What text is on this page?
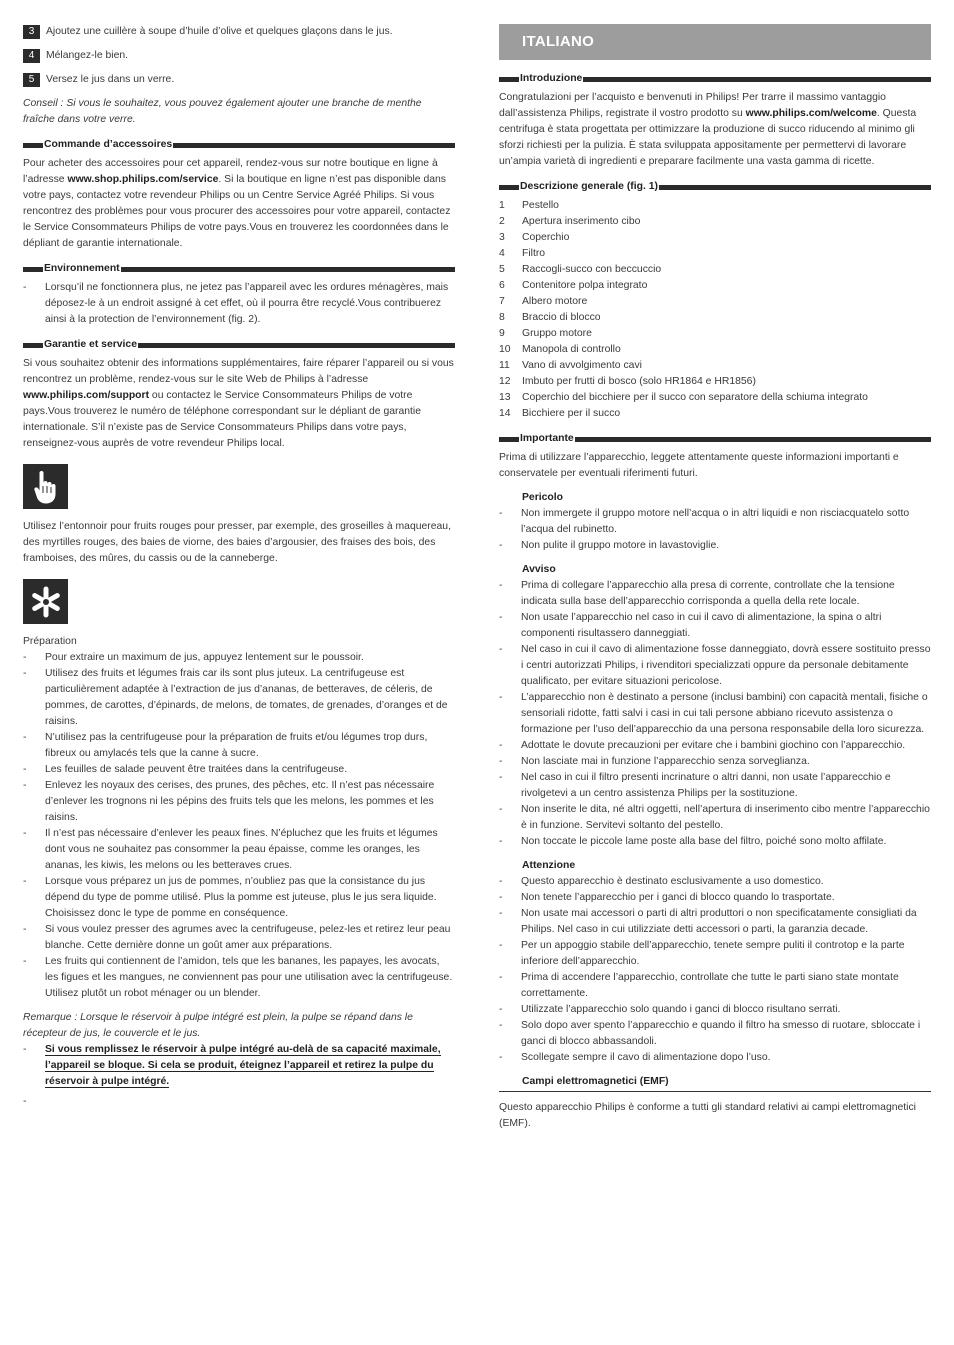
3	Ajoutez une cuillère à soupe d’huile d’olive et quelques glaçons dans le jus.
4	Mélangez-le bien.
5	Versez le jus dans un verre.

Conseil : Si vous le souhaitez, vous pouvez également ajouter une branche de menthe fraîche dans votre verre.

Commande d’accessoires

Pour acheter des accessoires pour cet appareil, rendez-vous sur notre boutique en ligne à l’adresse www.shop.philips.com/service. Si la boutique en ligne n’est pas disponible dans votre pays, contactez votre revendeur Philips ou un Centre Service Agréé Philips. Si vous rencontrez des problèmes pour vous procurer des accessoires pour votre appareil, contactez le Service Consommateurs Philips de votre pays.Vous en trouverez les coordonnées dans le dépliant de garantie internationale.

Environnement
- Lorsqu’il ne fonctionnera plus, ne jetez pas l’appareil avec les ordures ménagères, mais déposez-le à un endroit assigné à cet effet, où il pourra être recyclé.Vous contribuerez ainsi à la protection de l’environnement (fig. 2).
Garantie et service

Si vous souhaitez obtenir des informations supplémentaires, faire réparer l’appareil ou si vous rencontrez un problème, rendez-vous sur le site Web de Philips à l’adresse www.philips.com/support ou contactez le Service Consommateurs Philips de votre pays.Vous trouverez le numéro de téléphone correspondant sur le dépliant de garantie internationale. S’il n’existe pas de Service Consommateurs Philips dans votre pays, renseignez-vous auprès de votre revendeur Philips local.

Utilisez l’entonnoir pour fruits rouges pour presser, par exemple, des groseilles à maquereau, des myrtilles rouges, des baies de viorne, des baies d’argousier, des fraises des bois, des framboises, des mûres, du cassis ou de la canneberge.

Préparation

- Pour extraire un maximum de jus, appuyez lentement sur le poussoir.
- Utilisez des fruits et légumes frais car ils sont plus juteux. La centrifugeuse est particulièrement adaptée à l’extraction de jus d’ananas, de betteraves, de céleris, de pommes, de carottes, d’épinards, de melons, de tomates, de grenades, d’oranges et de raisins.
- N’utilisez pas la centrifugeuse pour la préparation de fruits et/ou légumes trop durs, fibreux ou amylacés tels que la canne à sucre.
- Les feuilles de salade peuvent être traitées dans la centrifugeuse.
- Enlevez les noyaux des cerises, des prunes, des pêches, etc. Il n’est pas nécessaire d’enlever les trognons ni les pépins des fruits tels que les melons, les pommes et les raisins.
- Il n’est pas nécessaire d’enlever les peaux fines. N’épluchez que les fruits et légumes dont vous ne souhaitez pas consommer la peau épaisse, comme les oranges, les ananas, les kiwis, les melons ou les betteraves crues.
- Lorsque vous préparez un jus de pommes, n’oubliez pas que la consistance du jus dépend du type de pomme utilisé. Plus la pomme est juteuse, plus le jus sera liquide. Choisissez donc le type de pomme en conséquence.
- Si vous voulez presser des agrumes avec la centrifugeuse, pelez-les et retirez leur peau blanche. Cette dernière donne un goût amer aux préparations.
- Les fruits qui contiennent de l’amidon, tels que les bananes, les papayes, les avocats, les figues et les mangues, ne conviennent pas pour une utilisation avec la centrifugeuse. Utilisez plutôt un robot ménager ou un blender.

Remarque : Lorsque le réservoir à pulpe intégré est plein, la pulpe se répand dans le récepteur de jus, le couvercle et le jus.

- Si vous remplissez le réservoir à pulpe intégré au-delà de sa capacité maximale, l’appareil se bloque. Si cela se produit, éteignez l’appareil et retirez la pulpe du réservoir à pulpe intégré.
ITALIANO
Introduzione

Congratulazioni per l’acquisto e benvenuti in Philips! Per trarre il massimo vantaggio dall’assistenza Philips, registrate il vostro prodotto su www.philips.com/welcome. Questa centrifuga è stata progettata per ottimizzare la produzione di succo riducendo al minimo gli sforzi richiesti per la pulizia. È stata sviluppata appositamente per permettervi di lavorare un’ampia varietà di ingredienti e preparare facilmente una vasta gamma di ricette.

Descrizione generale (fig. 1)
1	Pestello
2	Apertura inserimento cibo
3	Coperchio
4	Filtro
5	Raccogli-succo con beccuccio
6	Contenitore polpa integrato
7	Albero motore
8	Braccio di blocco
9	Gruppo motore
10	Manopola di controllo
11	Vano di avvolgimento cavi
12	Imbuto per frutti di bosco (solo HR1864 e HR1856)
13	Coperchio del bicchiere per il succo con separatore della schiuma integrato
14	Bicchiere per il succo
Importante

Prima di utilizzare l’apparecchio, leggete attentamente queste informazioni importanti e conservatele per eventuali riferimenti futuri.

Pericolo

- Non immergete il gruppo motore nell’acqua o in altri liquidi e non risciacquatelo sotto l’acqua del rubinetto.
- Non pulite il gruppo motore in lavastoviglie.

Avviso

- Prima di collegare l’apparecchio alla presa di corrente, controllate che la tensione indicata sulla base dell’apparecchio corrisponda a quella della rete locale.
- Non usate l’apparecchio nel caso in cui il cavo di alimentazione, la spina o altri componenti risultassero danneggiati.
- Nel caso in cui il cavo di alimentazione fosse danneggiato, dovrà essere sostituito presso i centri autorizzati Philips, i rivenditori specializzati oppure da personale debitamente qualificato, per evitare situazioni pericolose.
- L’apparecchio non è destinato a persone (inclusi bambini) con capacità mentali, fisiche o sensoriali ridotte, fatti salvi i casi in cui tali persone abbiano ricevuto assistenza o formazione per l’uso dell’apparecchio da una persona responsabile della loro sicurezza.
- Adottate le dovute precauzioni per evitare che i bambini giochino con l’apparecchio.
- Non lasciate mai in funzione l’apparecchio senza sorveglianza.
- Nel caso in cui il filtro presenti incrinature o altri danni, non usate l’apparecchio e rivolgetevi a un centro assistenza Philips per la sostituzione.
- Non inserite le dita, né altri oggetti, nell’apertura di inserimento cibo mentre l’apparecchio è in funzione. Servitevi soltanto del pestello.
- Non toccate le piccole lame poste alla base del filtro, poiché sono molto affilate.

Attenzione

- Questo apparecchio è destinato esclusivamente a uso domestico.
- Non tenete l’apparecchio per i ganci di blocco quando lo trasportate.
- Non usate mai accessori o parti di altri produttori o non specificatamente consigliati da Philips. Nel caso in cui utilizziate detti accessori o parti, la garanzia decade.
- Per un appoggio stabile dell’apparecchio, tenete sempre puliti il controtop e la parte inferiore dell’apparecchio.
- Prima di accendere l’apparecchio, controllate che tutte le parti siano state montate correttamente.
- Utilizzate l’apparecchio solo quando i ganci di blocco risultano serrati.
- Solo dopo aver spento l’apparecchio e quando il filtro ha smesso di ruotare, sbloccate i ganci di blocco abbassandoli.
- Scollegate sempre il cavo di alimentazione dopo l’uso.

Campi elettromagnetici (EMF)

Questo apparecchio Philips è conforme a tutti gli standard relativi ai campi elettromagnetici (EMF).
